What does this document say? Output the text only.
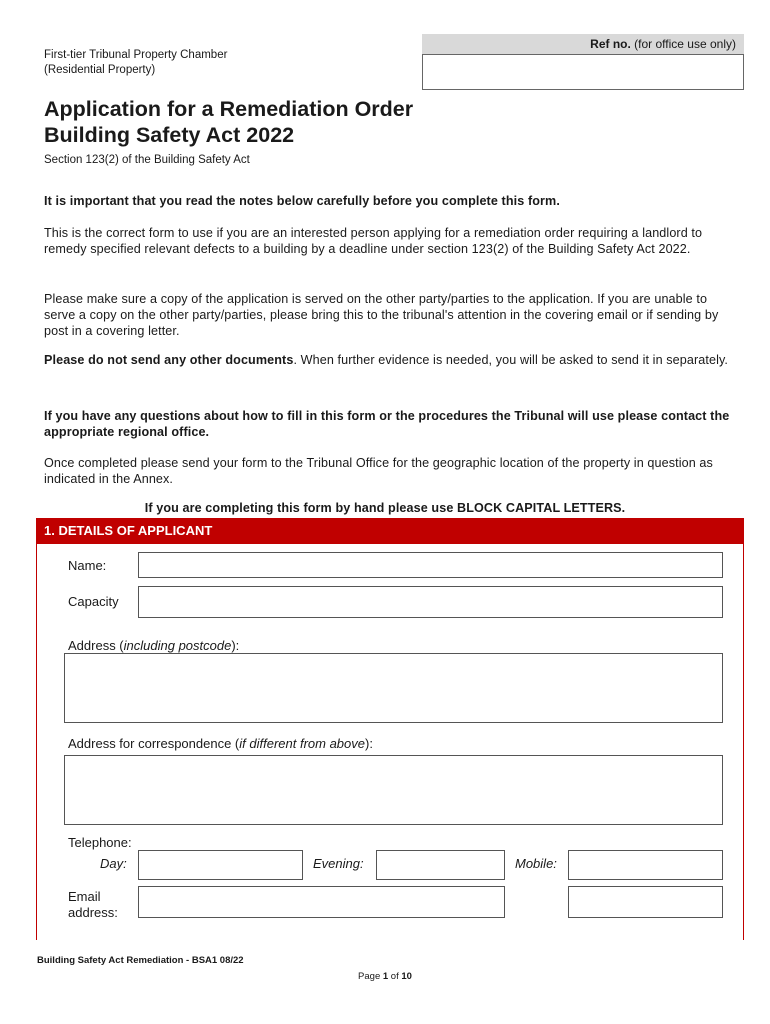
First-tier Tribunal Property Chamber
(Residential Property)
Ref no. (for office use only)
Application for a Remediation Order
Building Safety Act 2022
Section 123(2) of the Building Safety Act
It is important that you read the notes below carefully before you complete this form.
This is the correct form to use if you are an interested person applying for a remediation order requiring a landlord to remedy specified relevant defects to a building by a deadline under section 123(2) of the Building Safety Act 2022.
Please make sure a copy of the application is served on the other party/parties to the application. If you are unable to serve a copy on the other party/parties, please bring this to the tribunal's attention in the covering email or if sending by post in a covering letter.
Please do not send any other documents. When further evidence is needed, you will be asked to send it in separately.
If you have any questions about how to fill in this form or the procedures the Tribunal will use please contact the appropriate regional office.
Once completed please send your form to the Tribunal Office for the geographic location of the property in question as indicated in the Annex.
If you are completing this form by hand please use BLOCK CAPITAL LETTERS.
1. DETAILS OF APPLICANT
Name:
Capacity
Address (including postcode):
Address for correspondence (if different from above):
Telephone:
Day:	Evening:	Mobile:
Email
address:
Building Safety Act Remediation - BSA1 08/22
Page 1 of 10
